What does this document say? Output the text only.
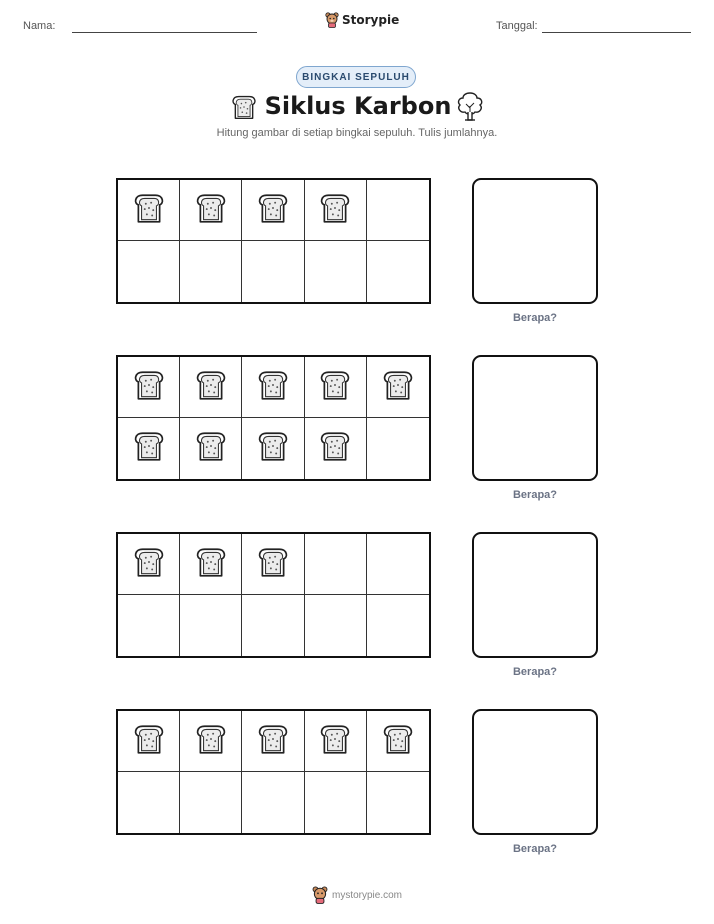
Nama:	Storypie	Tanggal:
BINGKAI SEPULUH
Siklus Karbon
Hitung gambar di setiap bingkai sepuluh. Tulis jumlahnya.
Berapa?
Berapa?
Berapa?
Berapa?
mystorypie.com
